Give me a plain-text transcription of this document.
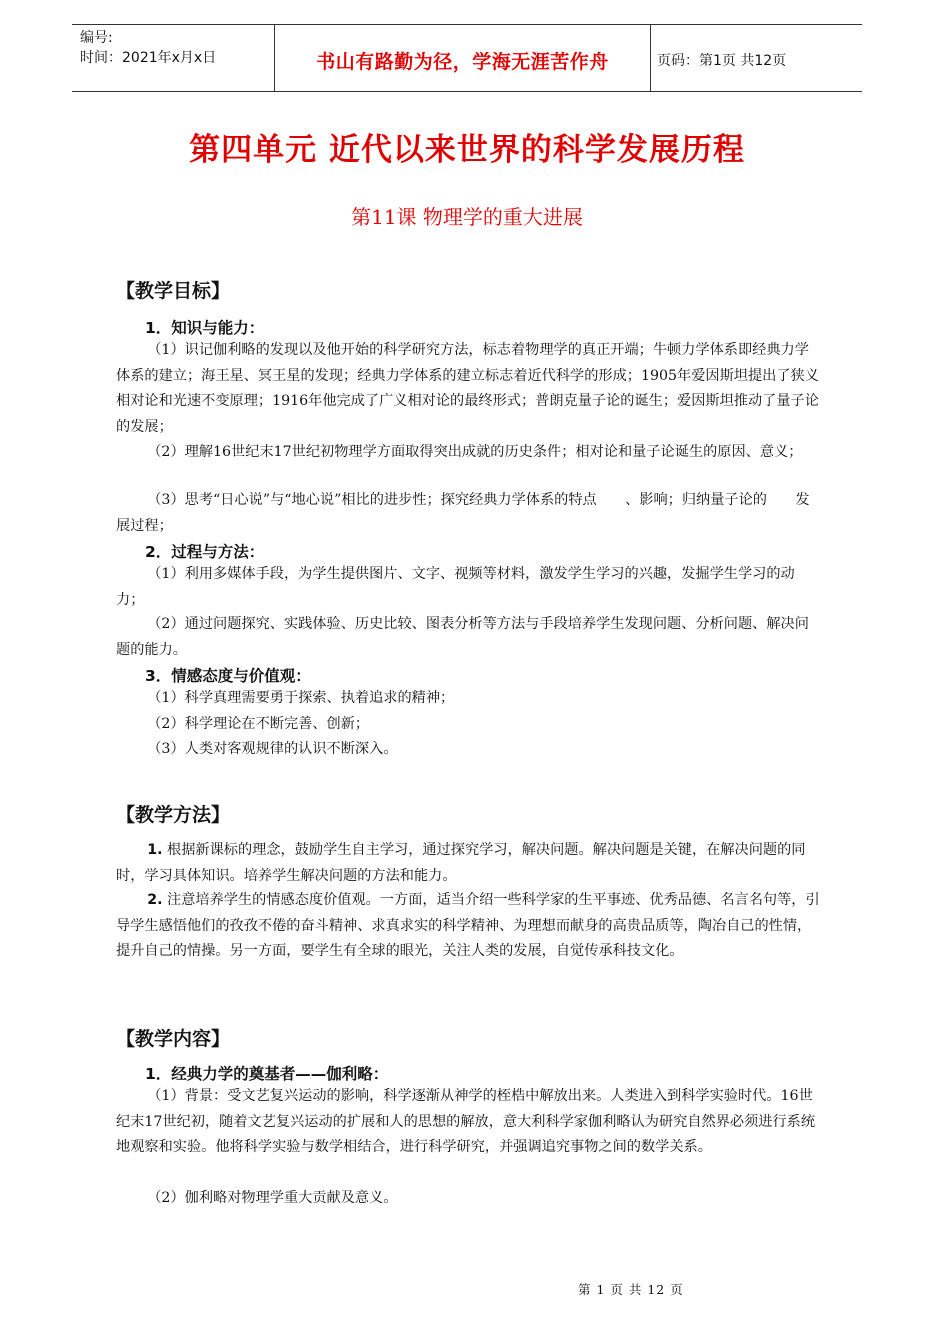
编号:
时间：2021年x月x日	书山有路勤为径，学海无涯苦作舟	页码：第1页 共12页
第四单元 近代以来世界的科学发展历程
第11课 物理学的重大进展
【教学目标】
1．知识与能力：
（1）识记伽利略的发现以及他开始的科学研究方法，标志着物理学的真正开端；牛顿力学体系即经典力学体系的建立；海王星、冥王星的发现；经典力学体系的建立标志着近代科学的形成；1905年爱因斯坦提出了狭义相对论和光速不变原理；1916年他完成了广义相对论的最终形式；普朗克量子论的诞生；爱因斯坦推动了量子论的发展；
（2）理解16世纪末17世纪初物理学方面取得突出成就的历史条件；相对论和量子论诞生的原因、意义；
（3）思考“日心说”与“地心说”相比的进步性；探究经典力学体系的特点　　、影响；归纳量子论的　　发展过程；
2．过程与方法：
（1）利用多媒体手段，为学生提供图片、文字、视频等材料，激发学生学习的兴趣，发掘学生学习的动力；
（2）通过问题探究、实践体验、历史比较、图表分析等方法与手段培养学生发现问题、分析问题、解决问题的能力。
3．情感态度与价值观：
（1）科学真理需要勇于探索、执着追求的精神；
（2）科学理论在不断完善、创新；
（3）人类对客观规律的认识不断深入。
【教学方法】
1. 根据新课标的理念，鼓励学生自主学习，通过探究学习，解决问题。解决问题是关键，在解决问题的同时，学习具体知识。培养学生解决问题的方法和能力。
2. 注意培养学生的情感态度价值观。一方面，适当介绍一些科学家的生平事迹、优秀品德、名言名句等，引导学生感悟他们的孜孜不倦的奋斗精神、求真求实的科学精神、为理想而献身的高贵品质等，陶冶自己的性情，提升自己的情操。另一方面，要学生有全球的眼光，关注人类的发展，自觉传承科技文化。
【教学内容】
1．经典力学的奠基者——伽利略：
（1）背景：受文艺复兴运动的影响，科学逐渐从神学的桎梏中解放出来。人类进入到科学实验时代。16世纪末17世纪初，随着文艺复兴运动的扩展和人的思想的解放，意大利科学家伽利略认为研究自然界必须进行系统地观察和实验。他将科学实验与数学相结合，进行科学研究，并强调追究事物之间的数学关系。
（2）伽利略对物理学重大贡献及意义。
第 1 页 共 12 页
